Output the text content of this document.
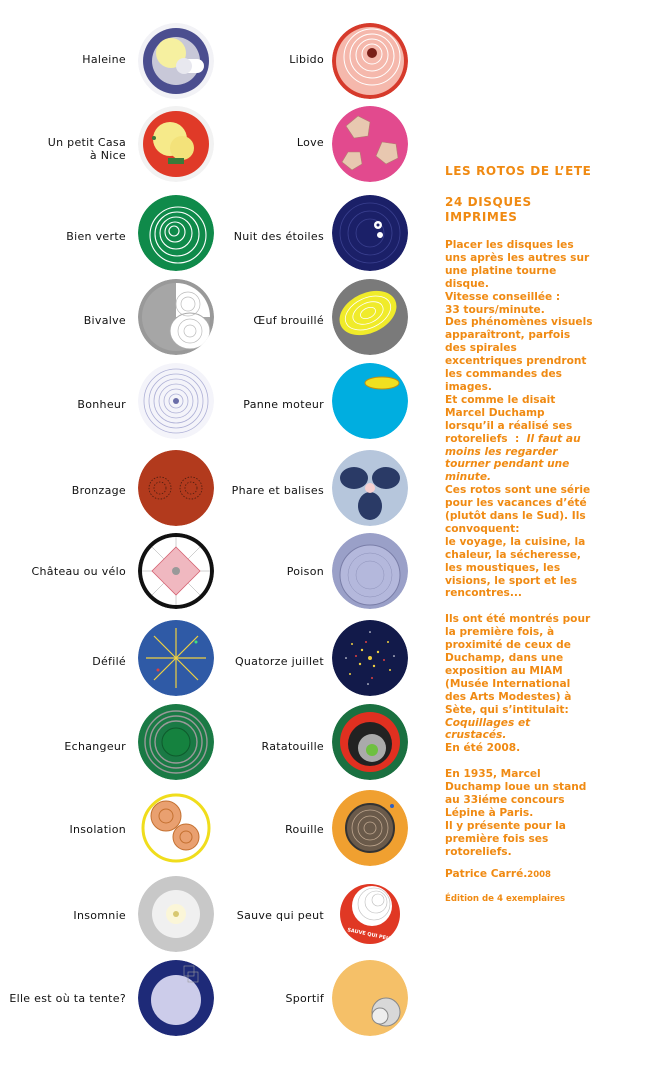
Haleine
Un petit Casa
à Nice
Bien verte
Bivalve
Bonheur
Bronzage
Château ou vélo
Défilé
Echangeur
Insolation
Insomnie
Elle est où ta tente?
Libido
Love
Nuit des étoiles
Œuf brouillé
Panne moteur
Phare et balises
Poison
Quatorze juillet
Ratatouille
Rouille
Sauve qui peut
Sportif
SAUVE QUI PEUT
LES ROTOS DE L’ETE
24 DISQUES
IMPRIMES

Placer les disques les
uns après les autres sur
une platine tourne
disque.
Vitesse conseillée :
33 tours/minute.
Des phénomènes visuels
apparaîtront, parfois
des spirales
excentriques prendront
les commandes des
images.
Et comme le disait
Marcel Duchamp
lorsqu’il a réalisé ses
rotoreliefs  :  Il faut au
moins les regarder
tourner pendant une
minute.
Ces rotos sont une série
pour les vacances d’été
(plutôt dans le Sud). Ils
convoquent:
le voyage, la cuisine, la
chaleur, la sécheresse,
les moustiques, les
visions, le sport et les
rencontres...

Ils ont été montrés pour
la première fois, à
proximité de ceux de
Duchamp, dans une
exposition au MIAM
(Musée International
des Arts Modestes) à
Sète, qui s’intitulait:
Coquillages et
crustacés.
En été 2008.

En 1935, Marcel
Duchamp loue un stand
au 33iéme concours
Lépine à Paris.
Il y présente pour la
première fois ses
rotoreliefs.

Patrice Carré.2008
Édition de 4 exemplaires
